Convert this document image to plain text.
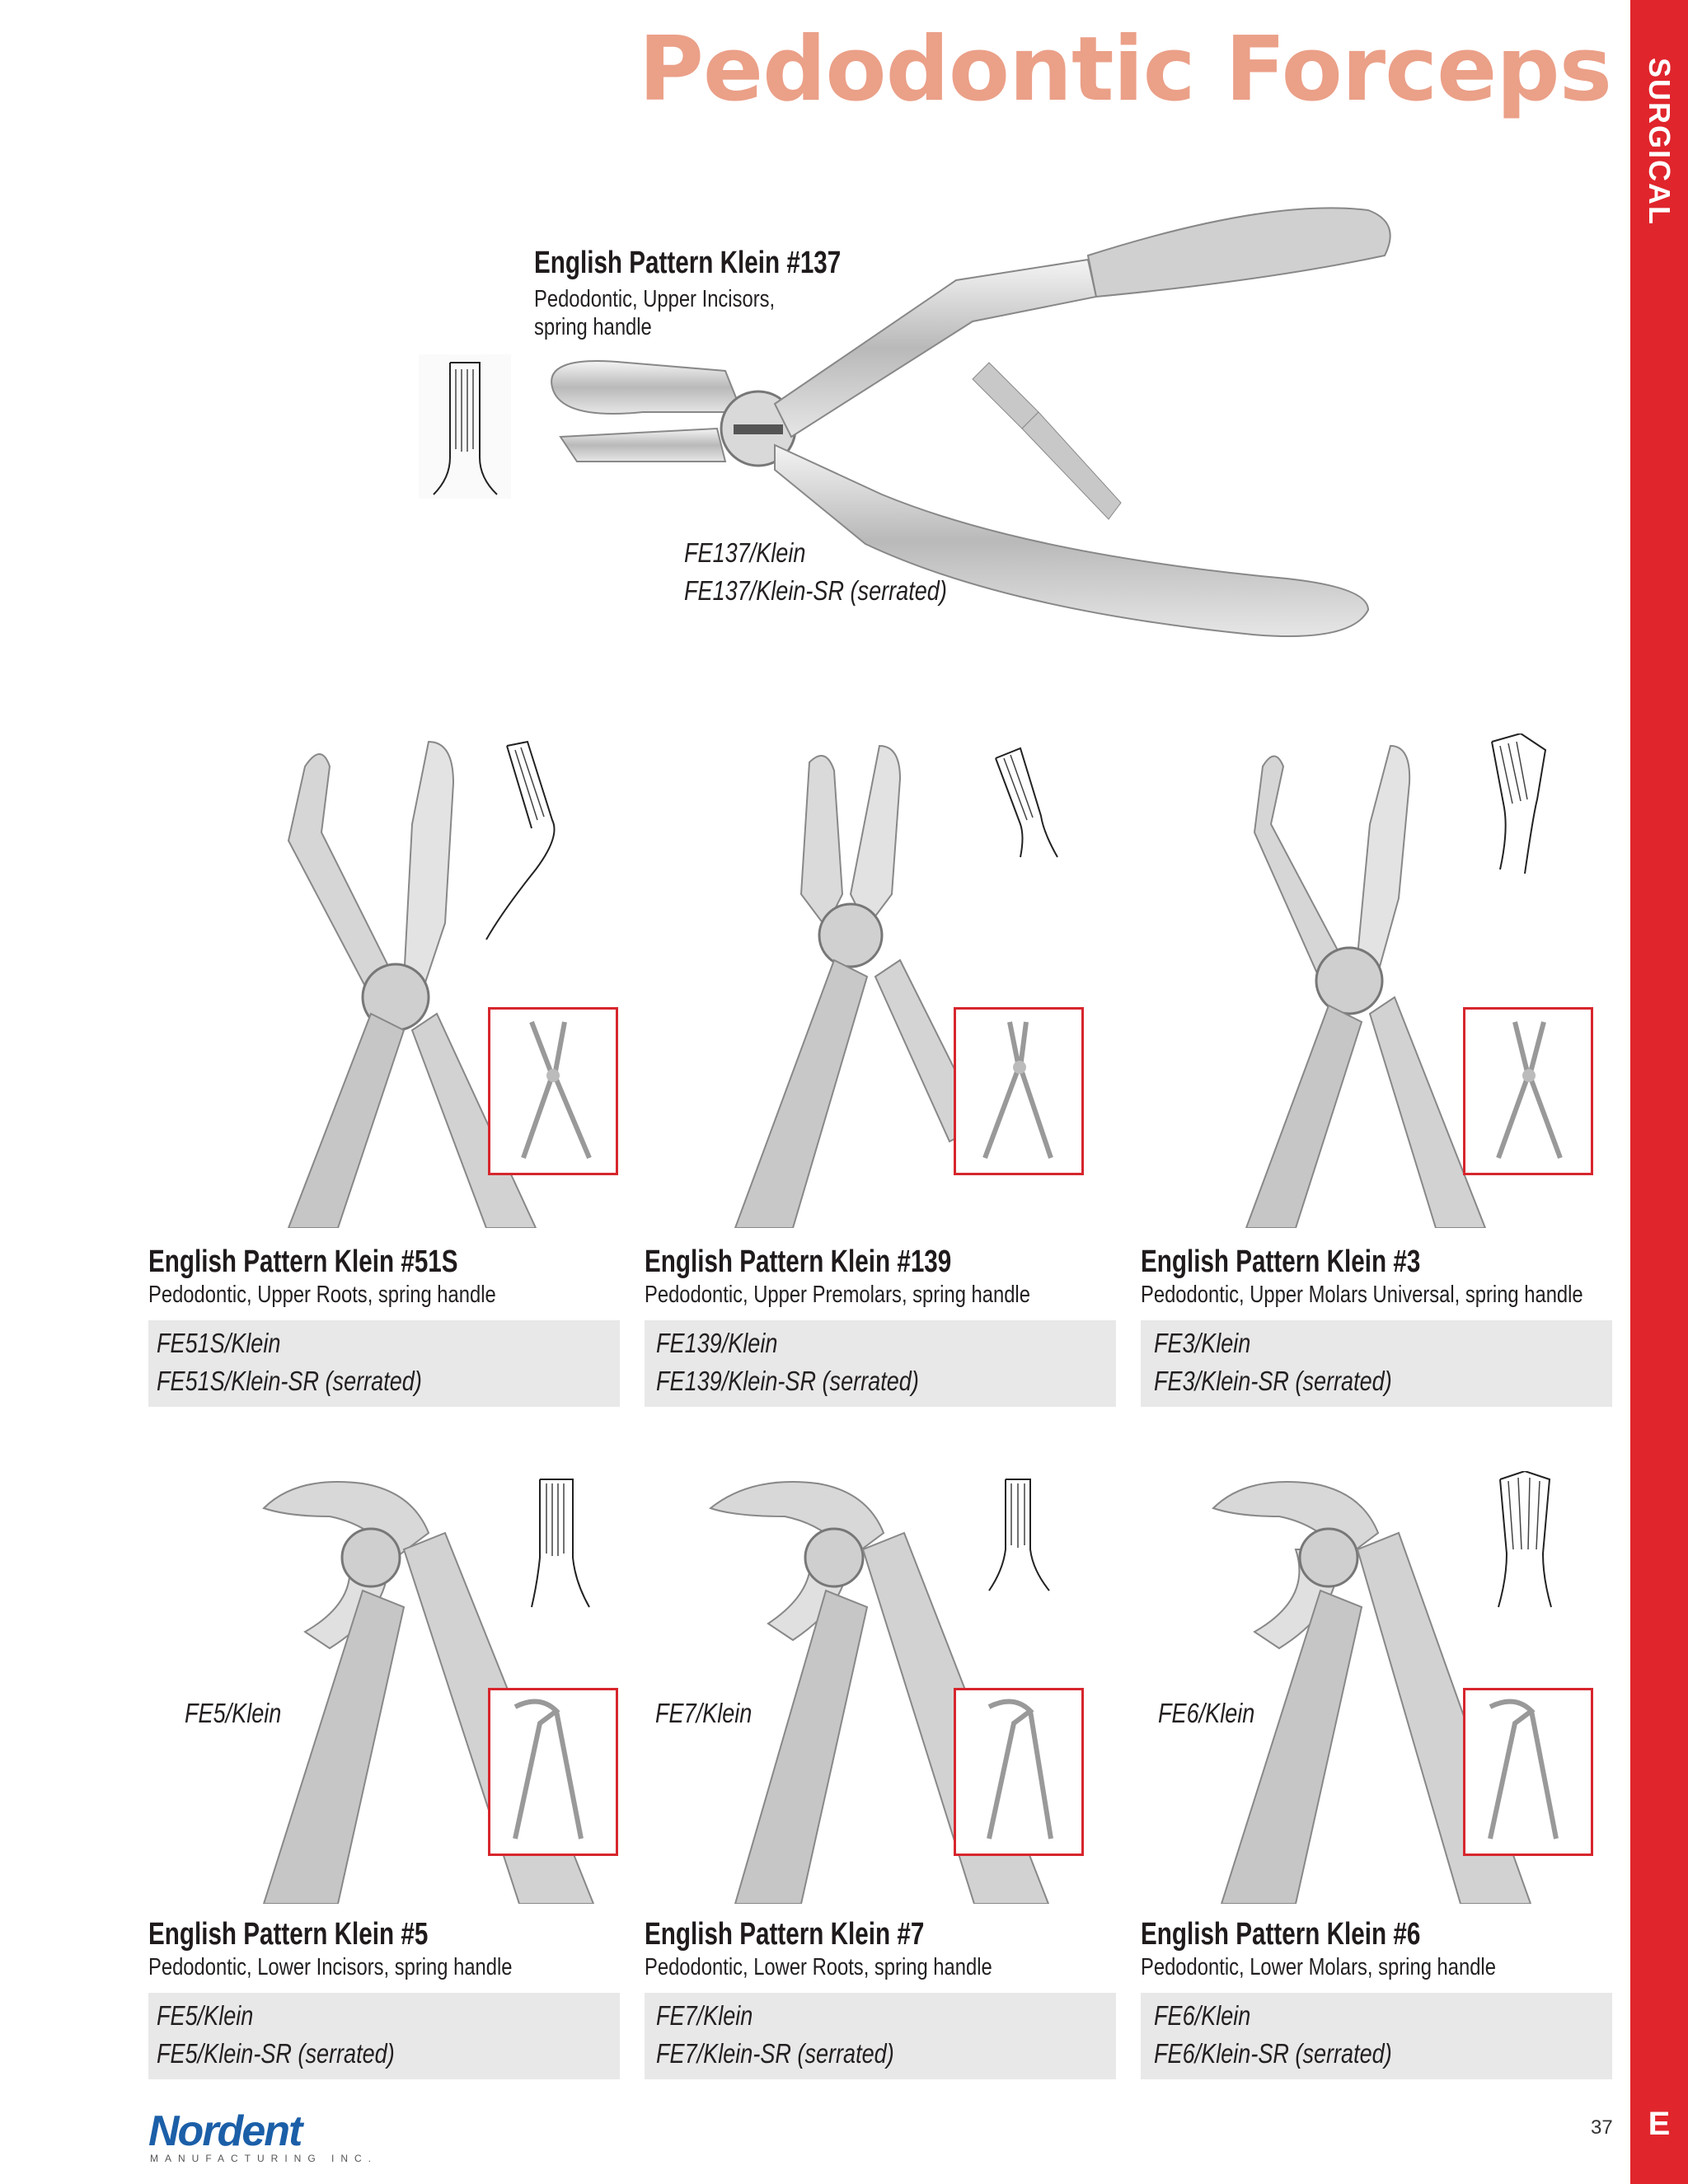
Pedodontic Forceps SURGICAL
E
English Pattern Klein #137
Pedodontic, Upper Incisors,
spring handle
FE137/Klein
FE137/Klein-SR (serrated)
English Pattern Klein #51S
Pedodontic, Upper Roots, spring handle
FE51S/Klein
FE51S/Klein-SR (serrated)
English Pattern Klein #139
Pedodontic, Upper Premolars, spring handle
FE139/Klein
FE139/Klein-SR (serrated)
English Pattern Klein #3
Pedodontic, Upper Molars Universal, spring handle
FE3/Klein
FE3/Klein-SR (serrated)
FE5/Klein	FE7/Klein	FE6/Klein
English Pattern Klein #5
Pedodontic, Lower Incisors, spring handle
FE5/Klein
FE5/Klein-SR (serrated)
English Pattern Klein #7
Pedodontic, Lower Roots, spring handle
FE7/Klein
FE7/Klein-SR (serrated)
English Pattern Klein #6
Pedodontic, Lower Molars, spring handle
FE6/Klein
FE6/Klein-SR (serrated)
Nordent
MANUFACTURING INC.
37
